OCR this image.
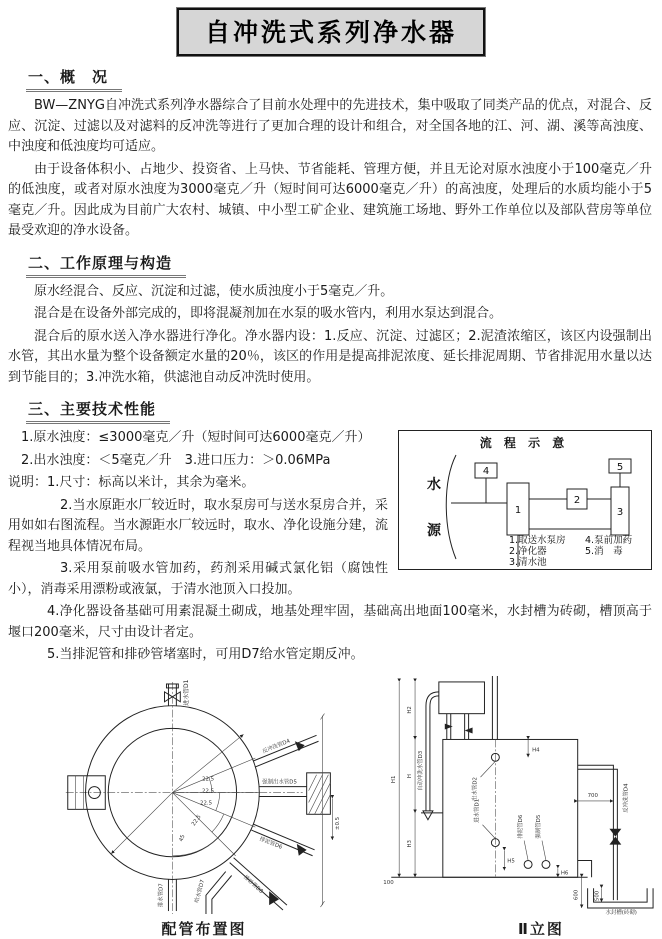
自冲洗式系列净水器
一、概　况

BW—ZNYG自冲洗式系列净水器综合了目前水处理中的先进技术，集中吸取了同类产品的优点，对混合、反应、沉淀、过滤以及对滤料的反冲洗等进行了更加合理的设计和组合，对全国各地的江、河、湖、溪等高浊度、中浊度和低浊度均可适应。

由于设备体积小、占地少、投资省、上马快、节省能耗、管理方便，并且无论对原水浊度小于100毫克／升的低浊度，或者对原水浊度为3000毫克／升（短时间可达6000毫克／升）的高浊度，处理后的水质均能小于5毫克／升。因此成为目前广大农村、城镇、中小型工矿企业、建筑施工场地、野外工作单位以及部队营房等单位最受欢迎的净水设备。

二、工作原理与构造

原水经混合、反应、沉淀和过滤，使水质浊度小于5毫克／升。

混合是在设备外部完成的，即将混凝剂加在水泵的吸水管内，利用水泵达到混合。

混合后的原水送入净水器进行净化。净水器内设：1.反应、沉淀、过滤区；2.泥渣浓缩区，该区内设强制出水管，其出水量为整个设备额定水量的20％，该区的作用是提高排泥浓度、延长排泥周期、节省排泥用水量以达到节能目的；3.冲洗水箱，供滤池自动反冲洗时使用。

三、主要技术性能
流 程 示 意
水
源
4
1
2
3
5
1.取送水泵房 4.泵前加药
2.净化器	5.消　毒
3.清水池

1.原水浊度：≤3000毫克／升（短时间可达6000毫克／升）

2.出水浊度：＜5毫克／升　3.进口压力：＞0.06MPa

说明：1.尺寸：标高以米计，其余为毫米。

2.当水原距水厂较近时，取水泵房可与送水泵房合并，采用如如右图流程。当水源距水厂较远时，取水、净化设施分建，流程视当地具体情况布局。

3.采用泵前吸水管加药，药剂采用碱式氯化铝（腐蚀性小），消毒采用漂粉或液氯，于清水池顶入口投加。

4.净化器设备基础可用素混凝土砌成，地基处理牢固，基础高出地面100毫米，水封槽为砖砌，槽顶高于堰口200毫米，尺寸由设计者定。

5.当排泥管和排砂管堵塞时，可用D7给水管定期反冲。

进水管D1
22.5
22.5
22.5
22.5
45
反冲洗管D4
强制出水管D5
排泥管D6
排砂管D8
给水管D7
排水管D7
±0.5
配管布置图
H1
H2
H
H3
100
自动冲洗水管D3	出水管D2
H4
进水管D1
H5
排泥管D6	强制管D5
H6
700	反冲洗管D4
600	500
水封槽(砖砌)
Ⅱ立图
